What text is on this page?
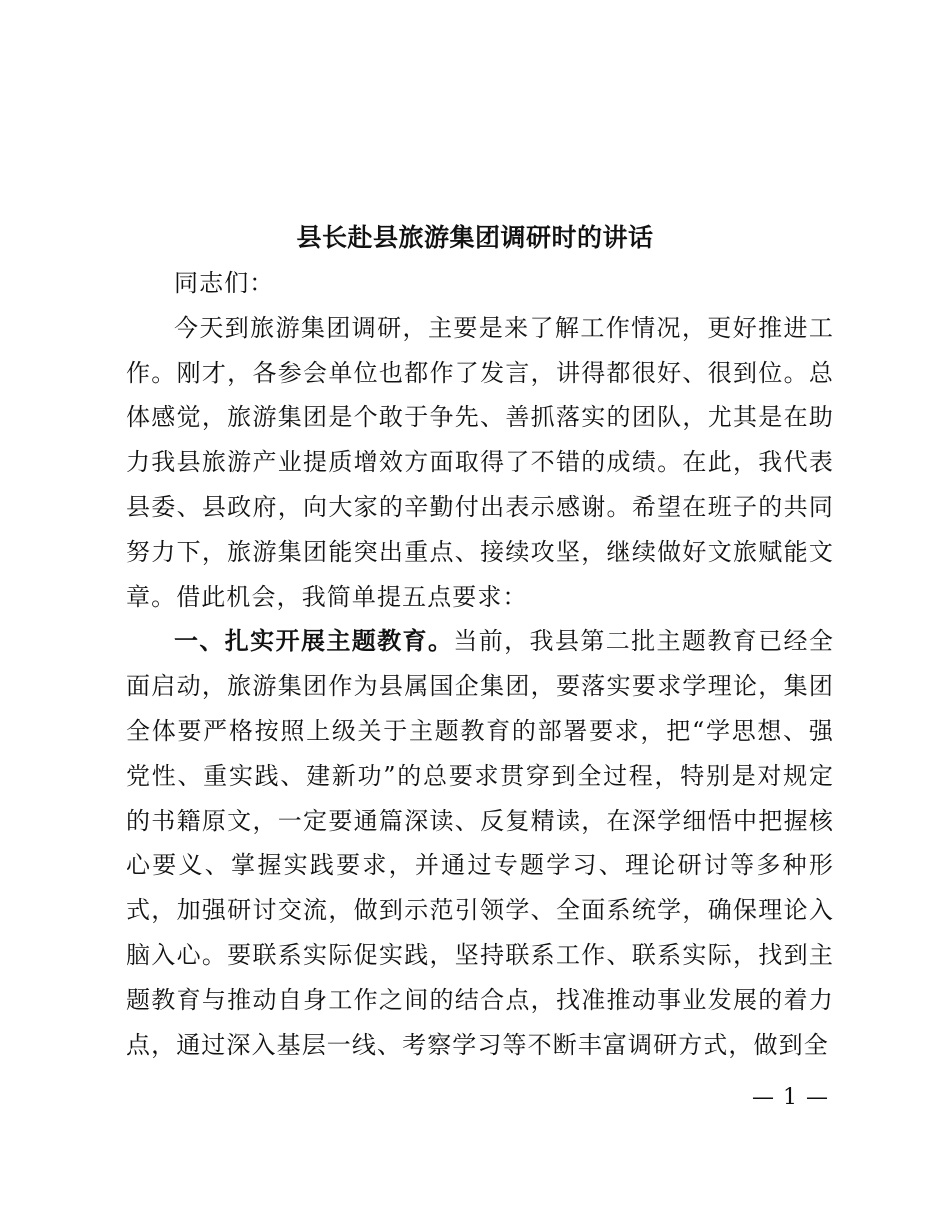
县长赴县旅游集团调研时的讲话

同志们：

今天到旅游集团调研，主要是来了解工作情况，更好推进工作。刚才，各参会单位也都作了发言，讲得都很好、很到位。总体感觉，旅游集团是个敢于争先、善抓落实的团队，尤其是在助力我县旅游产业提质增效方面取得了不错的成绩。在此，我代表县委、县政府，向大家的辛勤付出表示感谢。希望在班子的共同努力下，旅游集团能突出重点、接续攻坚，继续做好文旅赋能文章。借此机会，我简单提五点要求：

一、扎实开展主题教育。当前，我县第二批主题教育已经全面启动，旅游集团作为县属国企集团，要落实要求学理论，集团全体要严格按照上级关于主题教育的部署要求，把“学思想、强党性、重实践、建新功”的总要求贯穿到全过程，特别是对规定的书籍原文，一定要通篇深读、反复精读，在深学细悟中把握核心要义、掌握实践要求，并通过专题学习、理论研讨等多种形式，加强研讨交流，做到示范引领学、全面系统学，确保理论入脑入心。要联系实际促实践，坚持联系工作、联系实际，找到主题教育与推动自身工作之间的结合点，找准推动事业发展的着力点，通过深入基层一线、考察学习等不断丰富调研方式，做到全

— 1 —
